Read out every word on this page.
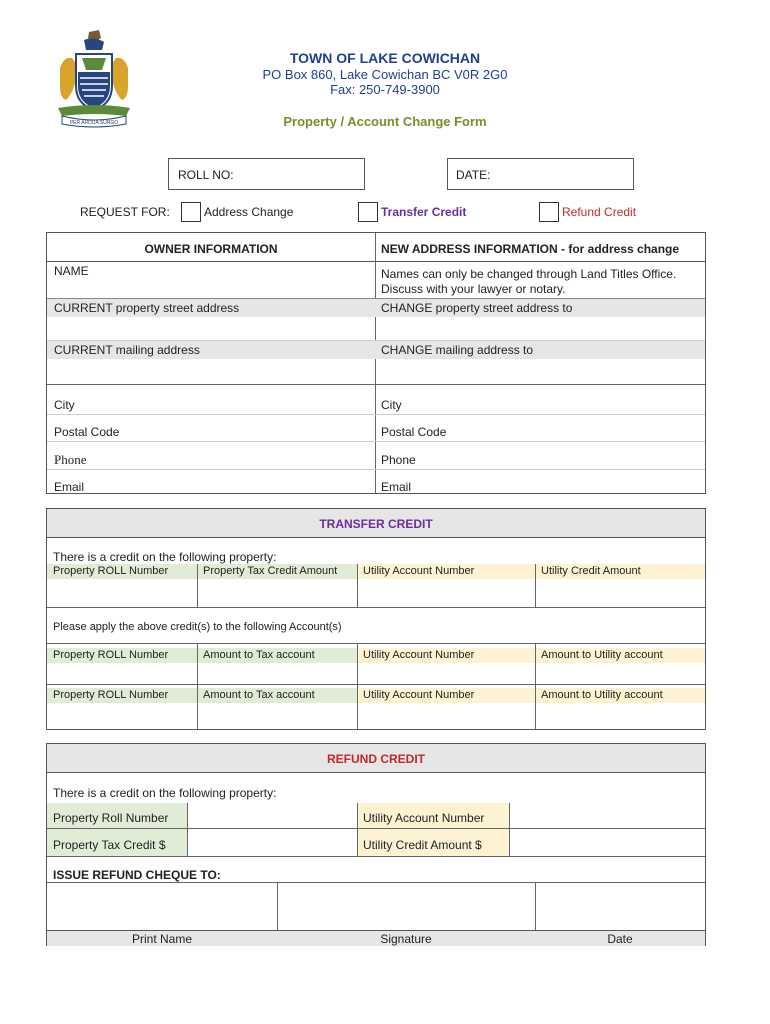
PER ARDUA SURGO
TOWN OF LAKE COWICHAN
PO Box 860, Lake Cowichan BC V0R 2G0
Fax: 250-749-3900
Property / Account Change Form
ROLL NO:	DATE:
REQUEST FOR:	Address Change	Transfer Credit	Refund Credit
OWNER INFORMATION	NEW ADDRESS INFORMATION - for address change
NAME	Names can only be changed through Land Titles Office.
Discuss with your lawyer or notary.
CURRENT property street address	CHANGE property street address to
CURRENT mailing address	CHANGE mailing address to
City	City
Postal Code	Postal Code
Phone	Phone
Email	Email
TRANSFER CREDIT
There is a credit on the following property:
Property ROLL Number	Property Tax Credit Amount	Utility Account Number	Utility Credit Amount
Please apply the above credit(s) to the following Account(s)
Property ROLL Number	Amount to Tax account	Utility Account Number	Amount to Utility account
Property ROLL Number	Amount to Tax account	Utility Account Number	Amount to Utility account
REFUND CREDIT
There is a credit on the following property:
Property Roll Number	Utility Account Number
Property Tax Credit $	Utility Credit Amount $
ISSUE REFUND CHEQUE TO:
Print Name	Signature	Date
